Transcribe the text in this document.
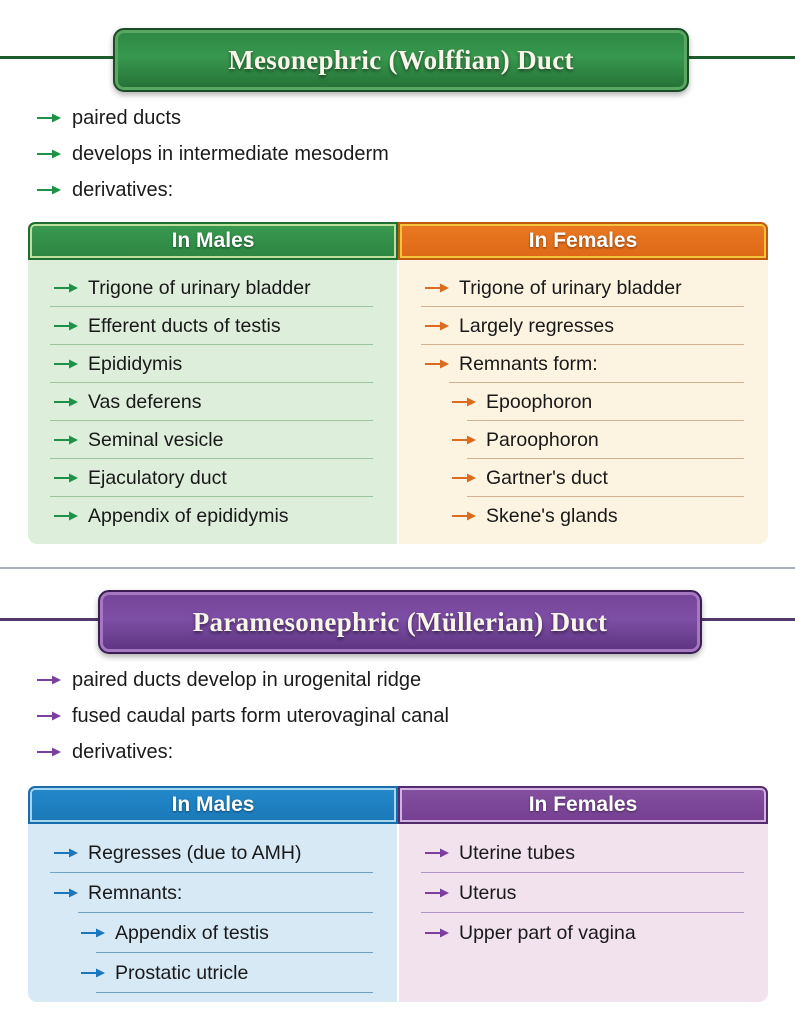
Mesonephric (Wolffian) Duct
paired ducts
develops in intermediate mesoderm
derivatives:
In Males	In Females
Trigone of urinary bladder
Efferent ducts of testis
Epididymis
Vas deferens
Seminal vesicle
Ejaculatory duct
Appendix of epididymis
Trigone of urinary bladder
Largely regresses
Remnants form:
Epoophoron
Paroophoron
Gartner's duct
Skene's glands
Paramesonephric (Müllerian) Duct
paired ducts develop in urogenital ridge
fused caudal parts form uterovaginal canal
derivatives:
In Males	In Females
Regresses (due to AMH)
Remnants:
Appendix of testis
Prostatic utricle
Uterine tubes
Uterus
Upper part of vagina
